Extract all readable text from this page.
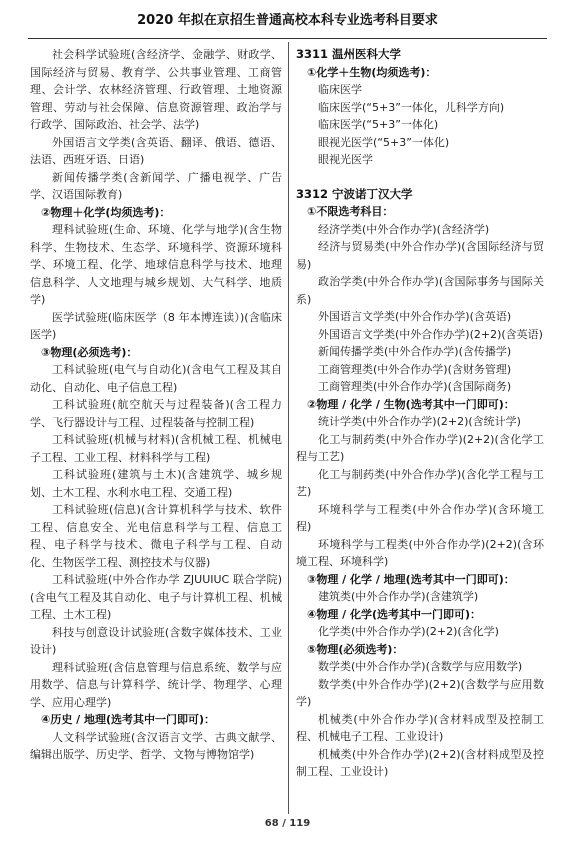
2020 年拟在京招生普通高校本科专业选考科目要求

社会科学试验班(含经济学、金融学、财政学、国际经济与贸易、教育学、公共事业管理、工商管理、会计学、农林经济管理、行政管理、土地资源管理、劳动与社会保障、信息资源管理、政治学与行政学、国际政治、社会学、法学)

外国语言文学类(含英语、翻译、俄语、德语、法语、西班牙语、日语)

新闻传播学类(含新闻学、广播电视学、广告学、汉语国际教育)

②物理＋化学(均须选考)：

理科试验班(生命、环境、化学与地学)(含生物科学、生物技术、生态学、环境科学、资源环境科学、环境工程、化学、地球信息科学与技术、地理信息科学、人文地理与城乡规划、大气科学、地质学)

医学试验班(临床医学（8 年本博连读）)(含临床医学)

③物理(必须选考)：

工科试验班(电气与自动化)(含电气工程及其自动化、自动化、电子信息工程)

工科试验班(航空航天与过程装备)(含工程力学、飞行器设计与工程、过程装备与控制工程)

工科试验班(机械与材料)(含机械工程、机械电子工程、工业工程、材料科学与工程)

工科试验班(建筑与土木)(含建筑学、城乡规划、土木工程、水利水电工程、交通工程)

工科试验班(信息)(含计算机科学与技术、软件工程、信息安全、光电信息科学与工程、信息工程、电子科学与技术、微电子科学与工程、自动化、生物医学工程、测控技术与仪器)

工科试验班(中外合作办学 ZJUUIUC 联合学院)(含电气工程及其自动化、电子与计算机工程、机械工程、土木工程)

科技与创意设计试验班(含数字媒体技术、工业设计)

理科试验班(含信息管理与信息系统、数学与应用数学、信息与计算科学、统计学、物理学、心理学、应用心理学)

④历史 / 地理(选考其中一门即可)：

人文科学试验班(含汉语言文学、古典文献学、编辑出版学、历史学、哲学、文物与博物馆学)

3311 温州医科大学

①化学＋生物(均须选考)：

临床医学

临床医学(“5+3”一体化，儿科学方向)

临床医学(“5+3”一体化)

眼视光医学(“5+3”一体化)

眼视光医学

3312 宁波诺丁汉大学

①不限选考科目：

经济学类(中外合作办学)(含经济学)

经济与贸易类(中外合作办学)(含国际经济与贸易)

政治学类(中外合作办学)(含国际事务与国际关系)

外国语言文学类(中外合作办学)(含英语)

外国语言文学类(中外合作办学)(2+2)(含英语)

新闻传播学类(中外合作办学)(含传播学)

工商管理类(中外合作办学)(含财务管理)

工商管理类(中外合作办学)(含国际商务)

②物理 / 化学 / 生物(选考其中一门即可)：

统计学类(中外合作办学)(2+2)(含统计学)

化工与制药类(中外合作办学)(2+2)(含化学工程与工艺)

化工与制药类(中外合作办学)(含化学工程与工艺)

环境科学与工程类(中外合作办学)(含环境工程)

环境科学与工程类(中外合作办学)(2+2)(含环境工程、环境科学)

③物理 / 化学 / 地理(选考其中一门即可)：

建筑类(中外合作办学)(含建筑学)

④物理 / 化学(选考其中一门即可)：

化学类(中外合作办学)(2+2)(含化学)

⑤物理(必须选考)：

数学类(中外合作办学)(含数学与应用数学)

数学类(中外合作办学)(2+2)(含数学与应用数学)

机械类(中外合作办学)(含材料成型及控制工程、机械电子工程、工业设计)

机械类(中外合作办学)(2+2)(含材料成型及控制工程、工业设计)

68 / 119
